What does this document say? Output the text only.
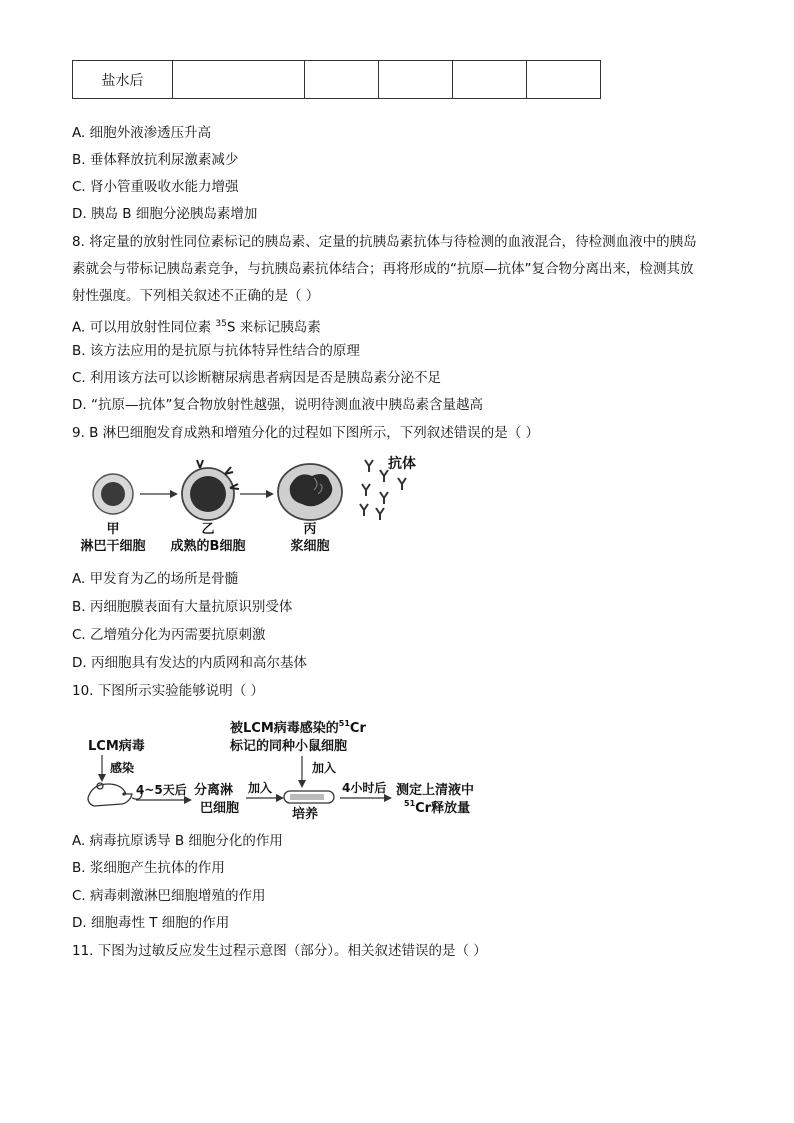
盐水后					
A. 细胞外液渗透压升高
B. 垂体释放抗利尿激素减少
C. 肾小管重吸收水能力增强
D. 胰岛 B 细胞分泌胰岛素增加
8. 将定量的放射性同位素标记的胰岛素、定量的抗胰岛素抗体与待检测的血液混合，待检测血液中的胰岛
素就会与带标记胰岛素竞争，与抗胰岛素抗体结合；再将形成的“抗原—抗体”复合物分离出来，检测其放
射性强度。下列相关叙述不正确的是（ ）
A. 可以用放射性同位素 $^{35}$S 来标记胰岛素
B. 该方法应用的是抗原与抗体特异性结合的原理
C. 利用该方法可以诊断糖尿病患者病因是否是胰岛素分泌不足
D. “抗原—抗体”复合物放射性越强，说明待测血液中胰岛素含量越高
9. B 淋巴细胞发育成熟和增殖分化的过程如下图所示，下列叙述错误的是（ ）
抗体
甲
淋巴干细胞
乙
成熟的B细胞
丙
浆细胞
A. 甲发育为乙的场所是骨髓
B. 丙细胞膜表面有大量抗原识别受体
C. 乙增殖分化为丙需要抗原刺激
D. 丙细胞具有发达的内质网和高尔基体
10. 下图所示实验能够说明（ ）
LCM病毒
感染
4~5天后 分离淋
巴细胞
加入
被LCM病毒感染的$^{51}$Cr
标记的同种小鼠细胞
加入
培养
4小时后 测定上清液中
$^{51}$Cr释放量
A. 病毒抗原诱导 B 细胞分化的作用
B. 浆细胞产生抗体的作用
C. 病毒刺激淋巴细胞增殖的作用
D. 细胞毒性 T 细胞的作用
11. 下图为过敏反应发生过程示意图（部分）。相关叙述错误的是（ ）
